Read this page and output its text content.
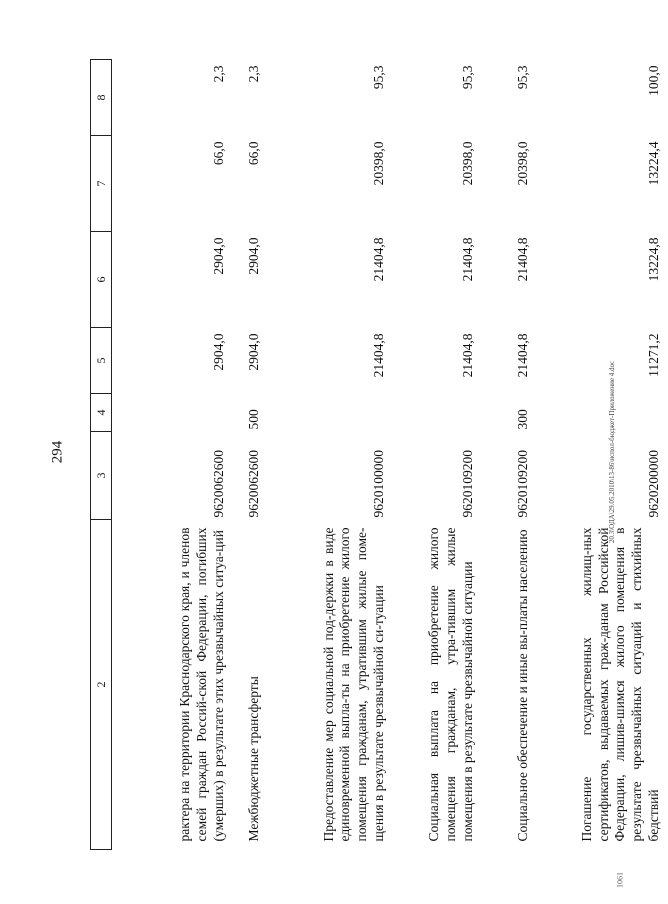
294	20.3\ОДА\29.05.2010\13-86\испол-бюджет-Приложение 4.doc
1061
2	3	4	5	6	7	8
рактера на территории Краснодарского края, и членов семей граждан Россий-ской Федерации, погибших (умерших) в результате этих чрезвычайных ситуа-ций	9620062600		2904,0	2904,0	66,0	2,3
Межбюджетные трансферты	9620062600	500	2904,0	2904,0	66,0	2,3
Предоставление мер социальной под-держки в виде единовременной выпла-ты на приобретение жилого помещения гражданам, утратившим жилые поме-щения в результате чрезвычайной си-туации	9620100000		21404,8	21404,8	20398,0	95,3
Социальная выплата на приобретение жилого помещения гражданам, утра-тившим жилые помещения в результате чрезвычайной ситуации	9620109200		21404,8	21404,8	20398,0	95,3
Социальное обеспечение и иные вы-платы населению	9620109200	300	21404,8	21404,8	20398,0	95,3
Погашение государственных жилищ-ных сертификатов, выдаваемых граж-данам Российской Федерации, лишив-шимся жилого помещения в результате чрезвычайных ситуаций и стихийных бедствий	9620200000		11271,2	13224,8	13224,4	100,0
